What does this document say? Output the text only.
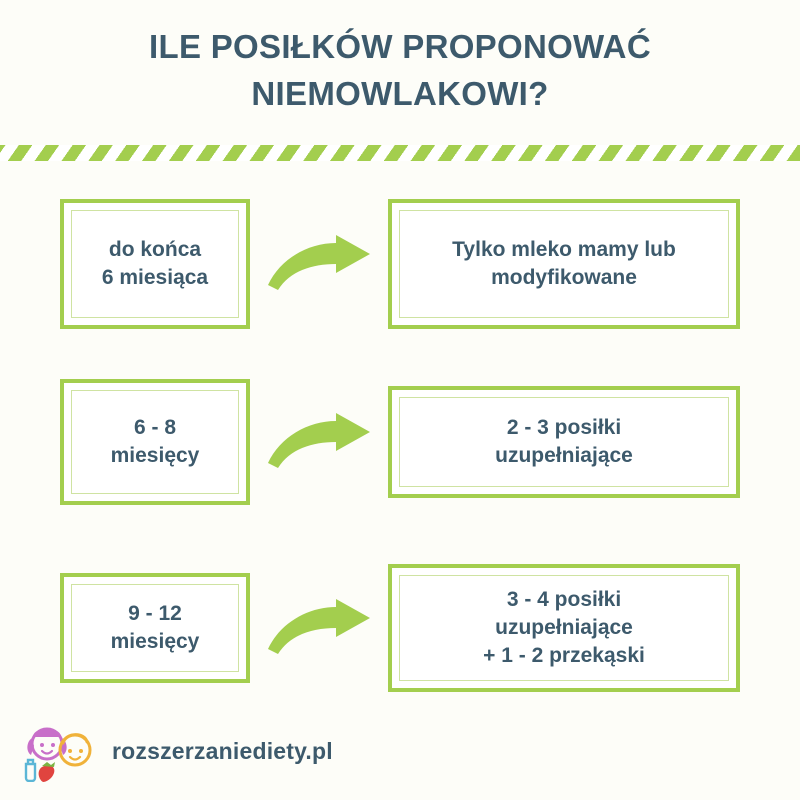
ILE POSIŁKÓW PROPONOWAĆ
NIEMOWLAKOWI?
do końca
6 miesiąca
Tylko mleko mamy lub
modyfikowane
6 - 8
miesięcy
2 - 3 posiłki
uzupełniające
9 - 12
miesięcy
3 - 4 posiłki
uzupełniające
+ 1 - 2 przekąski
rozszerzaniediety.pl
